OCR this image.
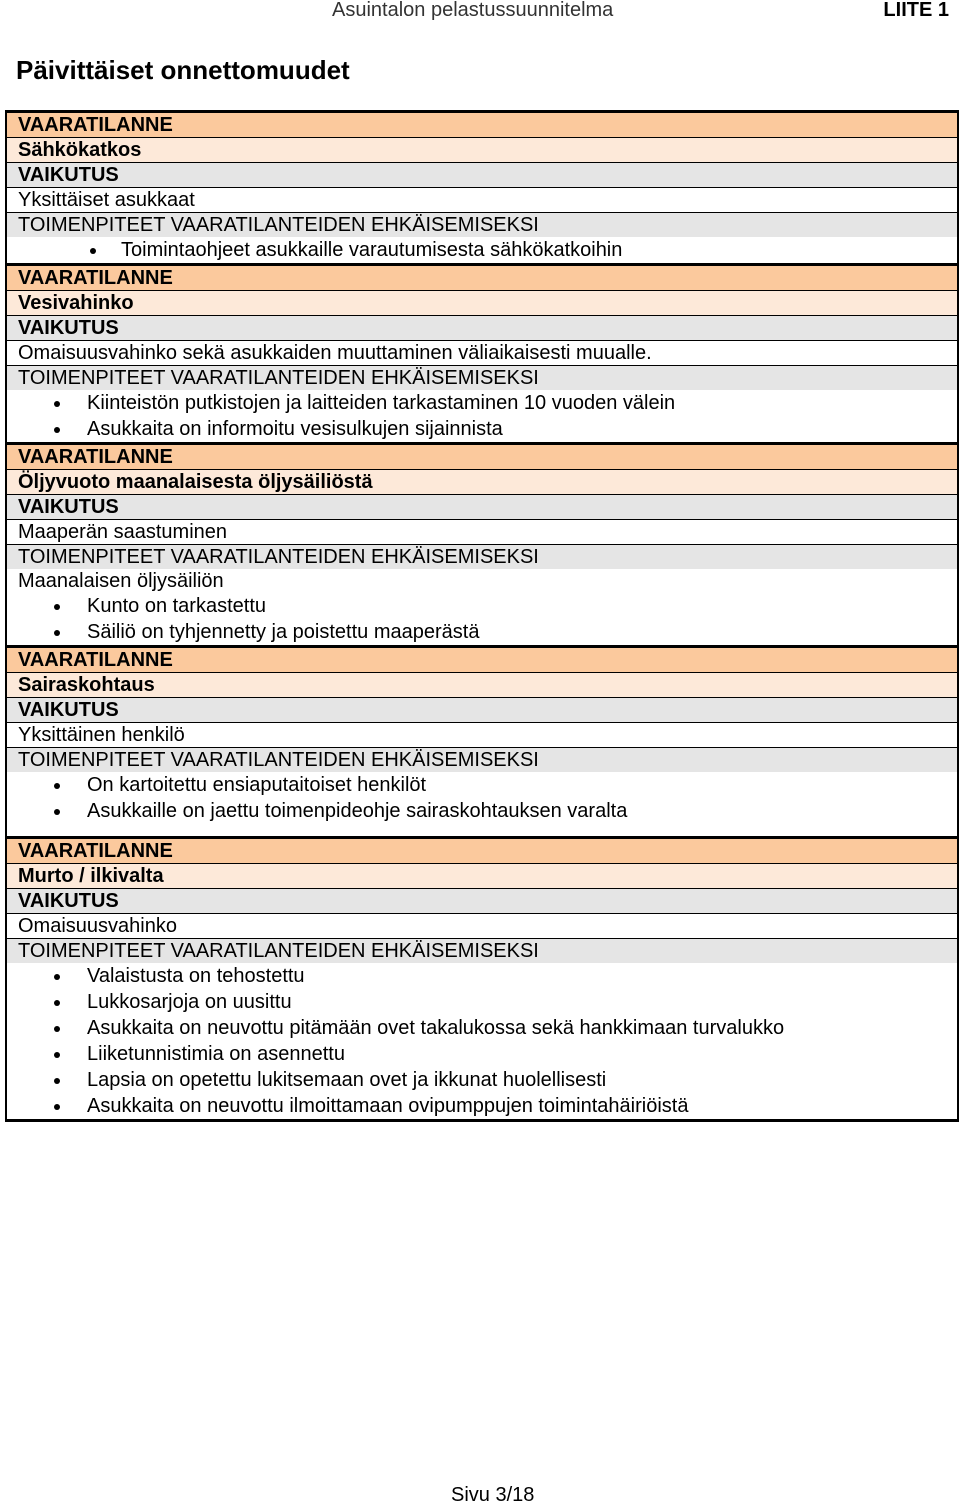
Asuintalon pelastussuunnitelma	LIITE 1
Päivittäiset onnettomuudet
VAARATILANNE
Sähkökatkos
VAIKUTUS
Yksittäiset asukkaat
TOIMENPITEET VAARATILANTEIDEN EHKÄISEMISEKSI

Toimintaohjeet asukkaille varautumisesta sähkökatkoihin
VAARATILANNE
Vesivahinko
VAIKUTUS
Omaisuusvahinko sekä asukkaiden muuttaminen väliaikaisesti muualle.
TOIMENPITEET VAARATILANTEIDEN EHKÄISEMISEKSI

Kiinteistön putkistojen ja laitteiden tarkastaminen 10 vuoden välein

Asukkaita on informoitu vesisulkujen sijainnista
VAARATILANNE
Öljyvuoto maanalaisesta öljysäiliöstä
VAIKUTUS
Maaperän saastuminen
TOIMENPITEET VAARATILANTEIDEN EHKÄISEMISEKSI
Maanalaisen öljysäiliön

Kunto on tarkastettu

Säiliö on tyhjennetty ja poistettu maaperästä
VAARATILANNE
Sairaskohtaus
VAIKUTUS
Yksittäinen henkilö
TOIMENPITEET VAARATILANTEIDEN EHKÄISEMISEKSI

On kartoitettu ensiaputaitoiset henkilöt

Asukkaille on jaettu toimenpideohje sairaskohtauksen varalta

VAARATILANNE
Murto / ilkivalta
VAIKUTUS
Omaisuusvahinko
TOIMENPITEET VAARATILANTEIDEN EHKÄISEMISEKSI

Valaistusta on tehostettu

Lukkosarjoja on uusittu

Asukkaita on neuvottu pitämään ovet takalukossa sekä hankkimaan turvalukko

Liiketunnistimia on asennettu

Lapsia on opetettu lukitsemaan ovet ja ikkunat huolellisesti

Asukkaita on neuvottu ilmoittamaan ovipumppujen toimintahäiriöistä
Sivu 3/18
